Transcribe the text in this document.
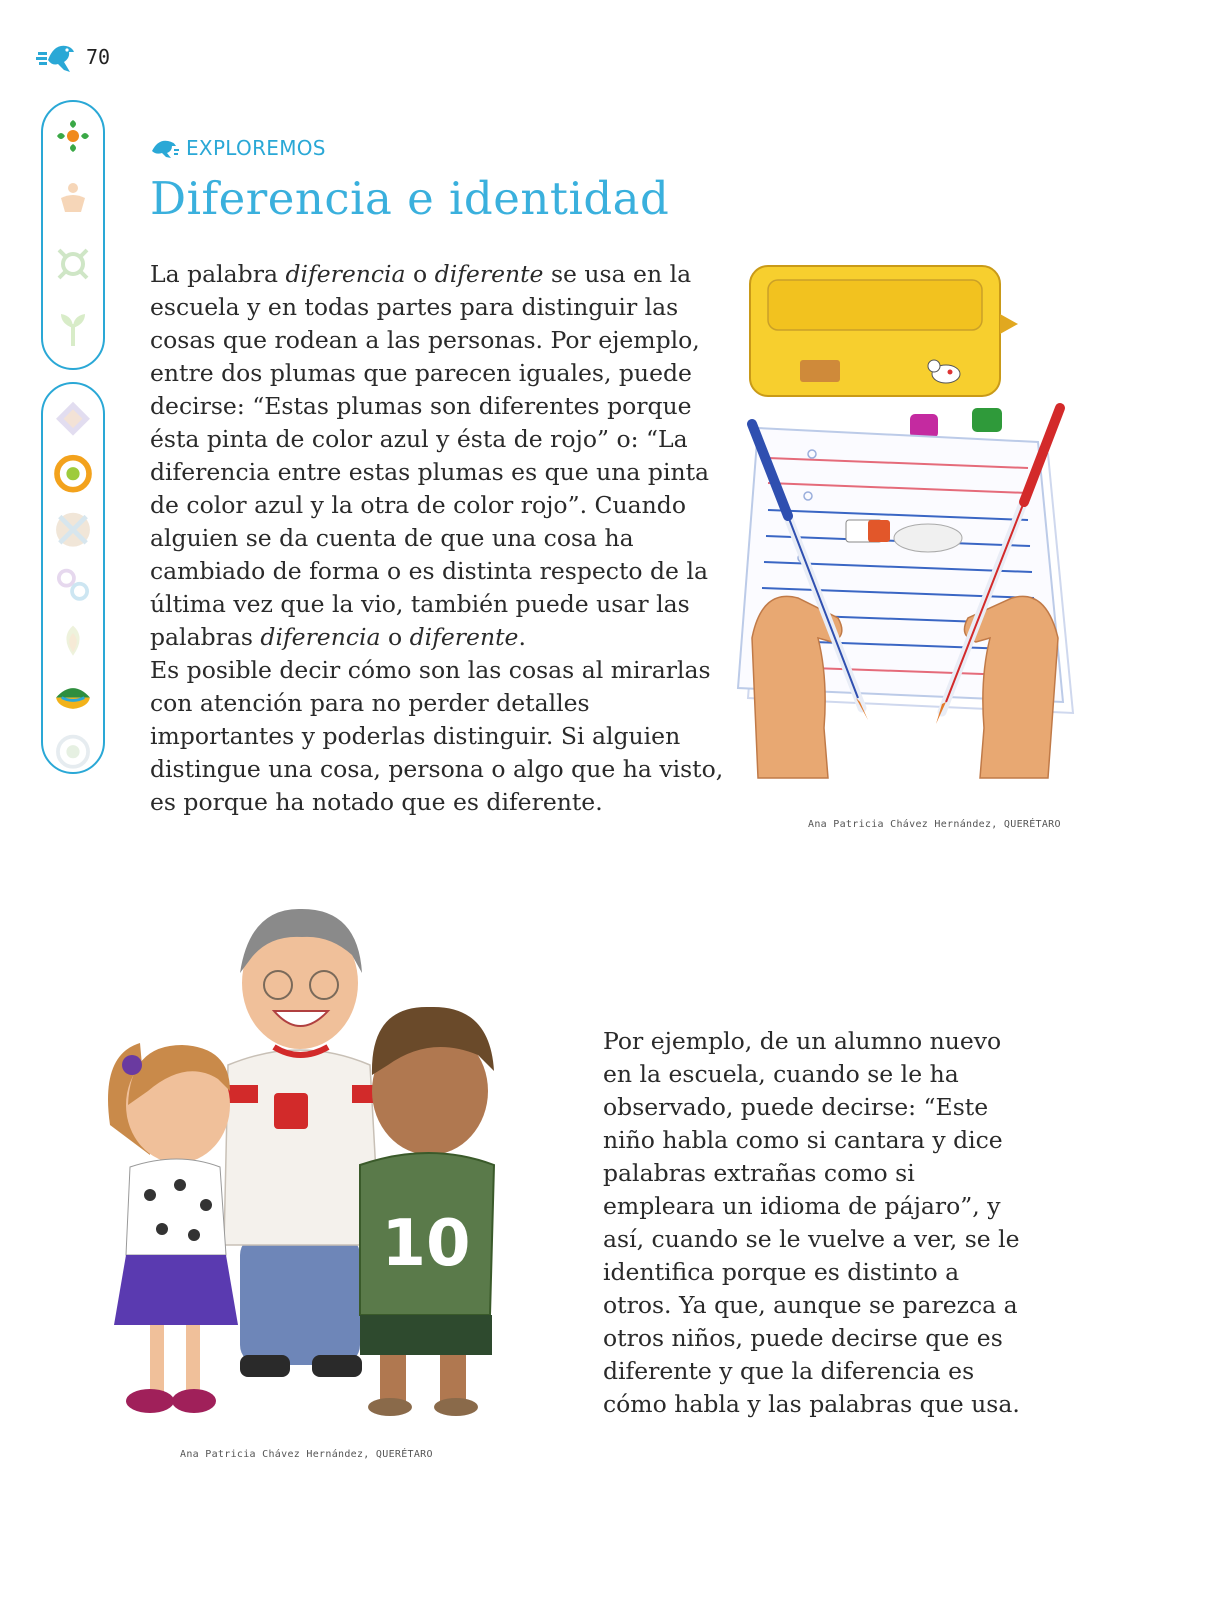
70
EXPLOREMOS
Diferencia e identidad

La palabra diferencia o diferente se usa en la escuela y en todas partes para distinguir las cosas que rodean a las personas. Por ejemplo, entre dos plumas que parecen iguales, puede decirse: “Estas plumas son diferentes porque ésta pinta de color azul y ésta de rojo” o: “La diferencia entre estas plumas es que una pinta de color azul y la otra de color rojo”. Cuando alguien se da cuenta de que una cosa ha cambiado de forma o es distinta respecto de la última vez que la vio, también puede usar las palabras diferencia o diferente.

Es posible decir cómo son las cosas al mirarlas con atención para no perder detalles importantes y poderlas distinguir. Si alguien distingue una cosa, persona o algo que ha visto, es porque ha notado que es diferente.

Ana Patricia Chávez Hernández, QUERÉTARO
10
Ana Patricia Chávez Hernández, QUERÉTARO

Por ejemplo, de un alumno nuevo en la escuela, cuando se le ha observado, puede decirse: “Este niño habla como si cantara y dice palabras extrañas como si empleara un idioma de pájaro”, y así, cuando se le vuelve a ver, se le identifica porque es distinto a otros. Ya que, aunque se parezca a otros niños, puede decirse que es diferente y que la diferencia es cómo habla y las palabras que usa.
